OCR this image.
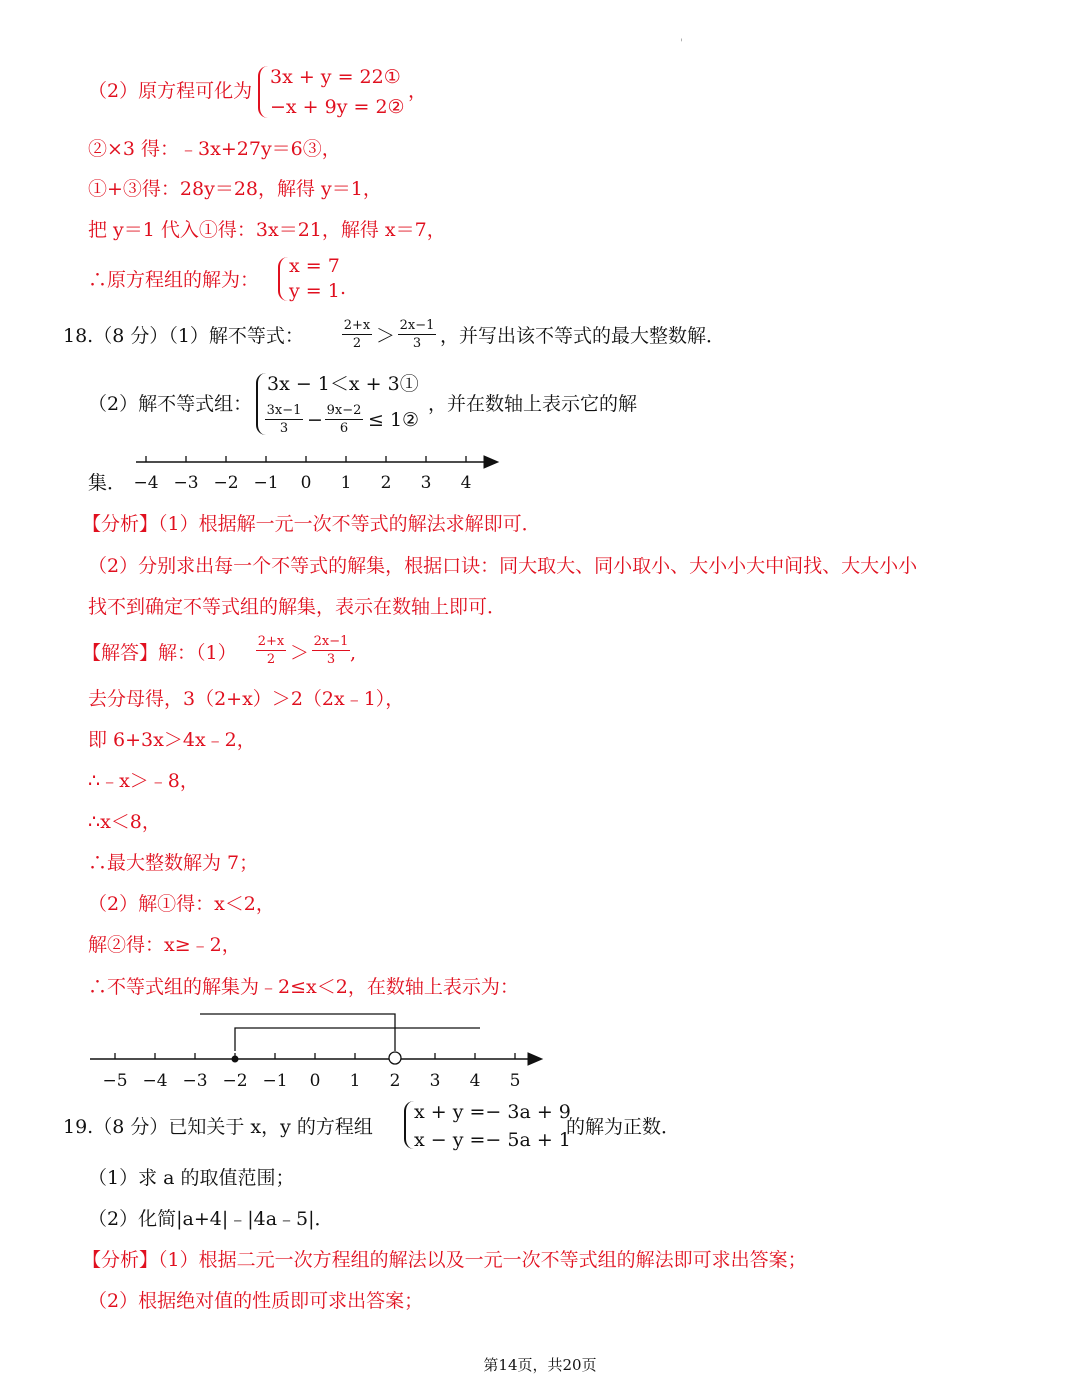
'
（2）原方程可化为
3x + y = 22①
−x + 9y = 2②
，
②×3 得：﹣3x+27y＝6③，
①+③得：28y＝28，解得 y＝1，
把 y＝1 代入①得：3x＝21，解得 x＝7，
∴原方程组的解为：
x = 7
y = 1 .
18.（8 分）（1）解不等式：	2+x
2 ＞ 2x−1
3 ，并写出该不等式的最大整数解．
（2）解不等式组：
3x − 1＜x + 3①
3x−1
3 − 9x−2
6	≤ 1②
，并在数轴上表示它的解
集． −4 −3 −2 −1 0 1 2 3 4
【分析】（1）根据解一元一次不等式的解法求解即可．
（2）分别求出每一个不等式的解集，根据口诀：同大取大、同小取小、大小小大中间找、大大小小
找不到确定不等式组的解集，表示在数轴上即可．
【解答】解：（1）
2+x
2 ＞
2x−1
3 ,
去分母得，3（2+x）＞2（2x﹣1），
即 6+3x＞4x﹣2，
∴﹣x＞﹣8，
∴x＜8，
∴最大整数解为 7；
（2）解①得：x＜2，
解②得：x≥﹣2，
∴不等式组的解集为﹣2≤x＜2，在数轴上表示为：
−5 −4 −3 −2 −1 0 1 2 3 4 5
19.（8 分）已知关于 x，y 的方程组
x + y =− 3a + 9
x − y =− 5a + 1
的解为正数．
（1）求 a 的取值范围；
（2）化简|a+4|﹣|4a﹣5|．
【分析】（1）根据二元一次方程组的解法以及一元一次不等式组的解法即可求出答案；
（2）根据绝对值的性质即可求出答案；
第14页，共20页
